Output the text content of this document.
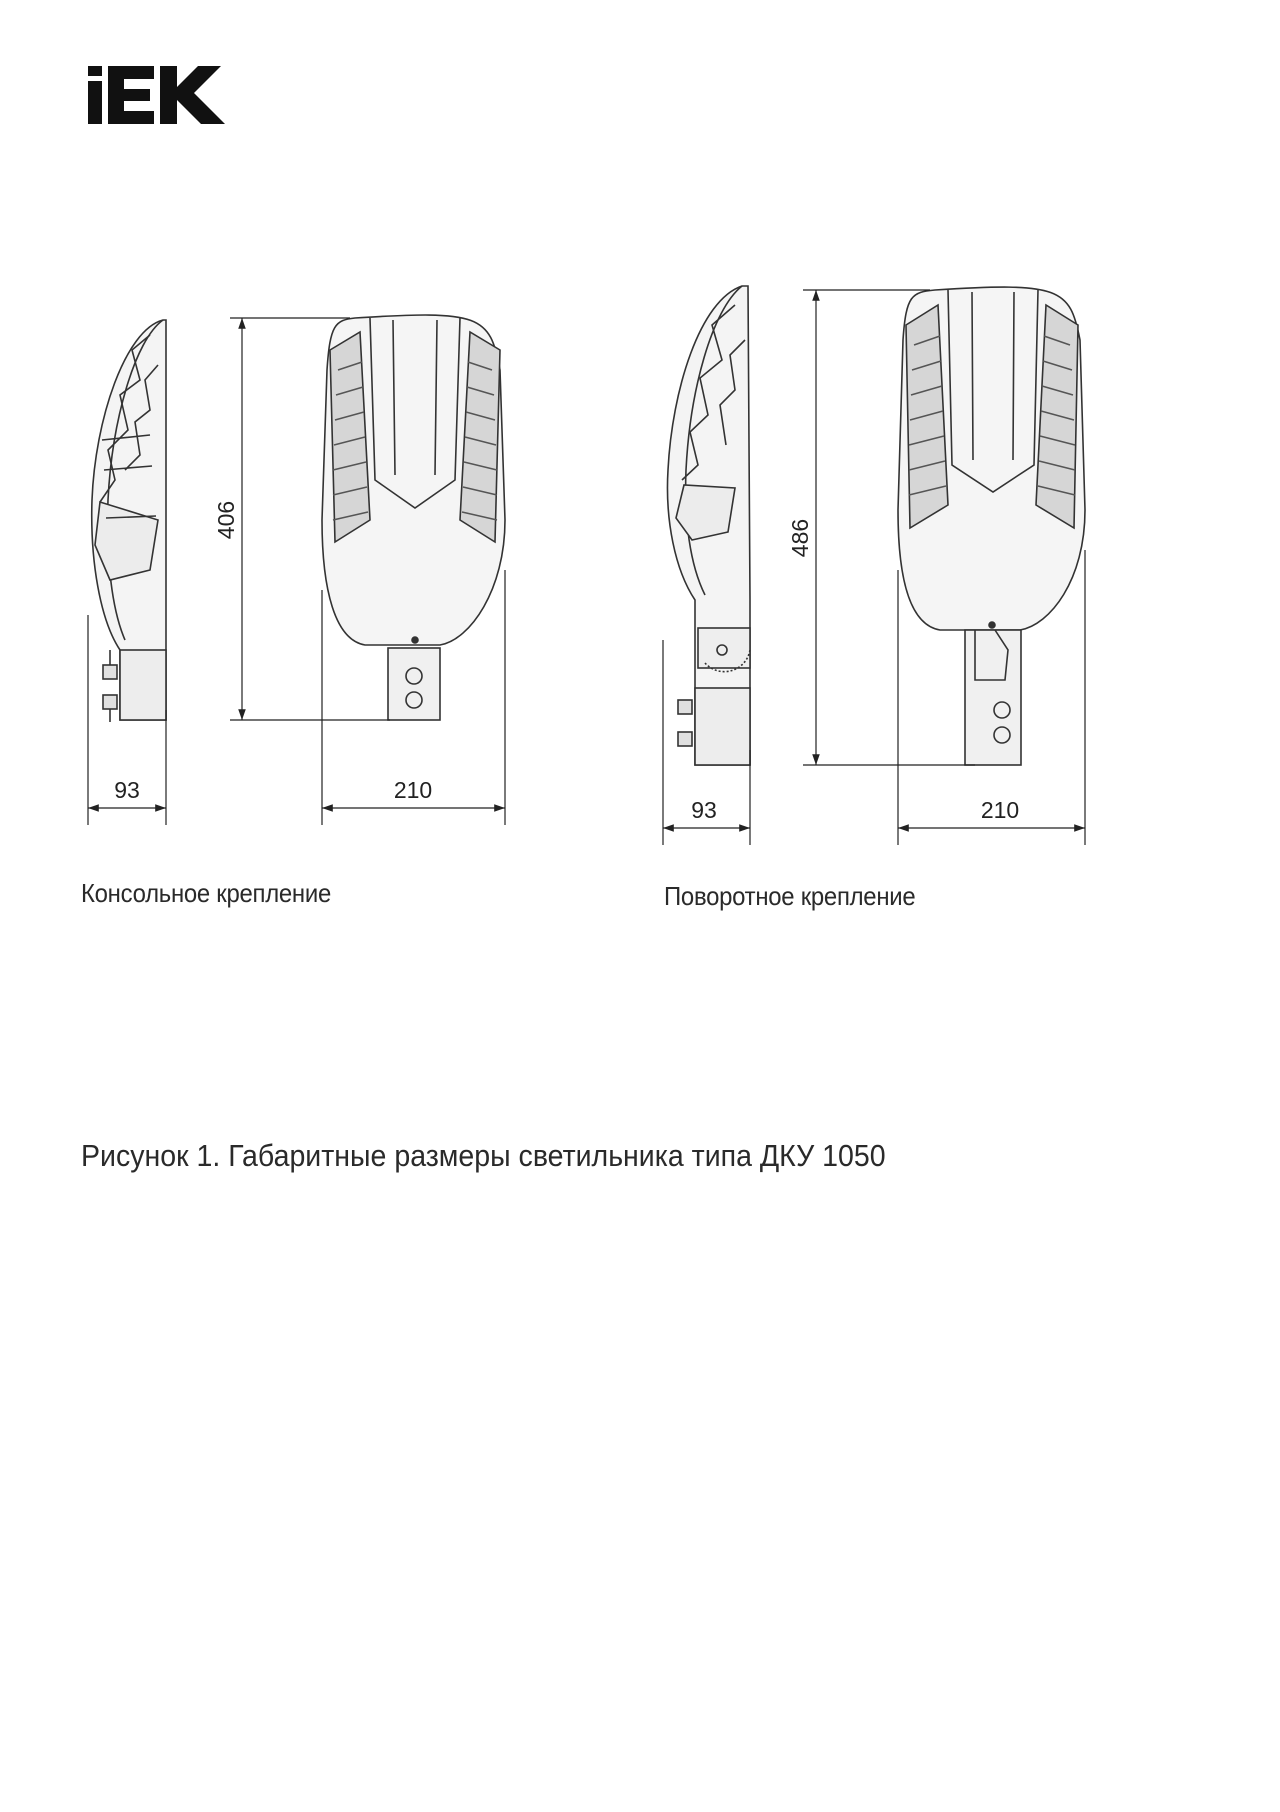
93	210
406
93	210
486
Консольное крепление	Поворотное крепление
Рисунок 1. Габаритные размеры светильника типа ДКУ 1050
